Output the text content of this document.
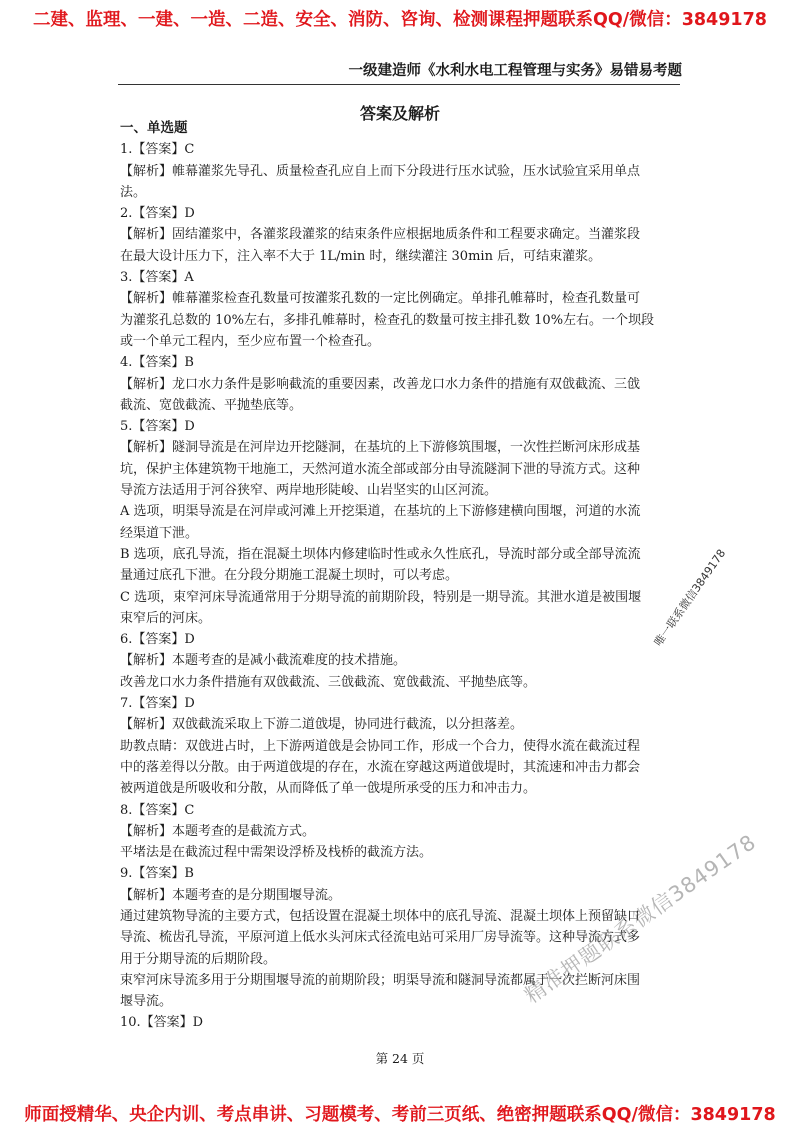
二建、监理、一建、一造、二造、安全、消防、咨询、检测课程押题联系QQ/微信：3849178
一级建造师《水利水电工程管理与实务》易错易考题
答案及解析
一、单选题
1.【答案】C
【解析】帷幕灌浆先导孔、质量检查孔应自上而下分段进行压水试验，压水试验宜采用单点
法。
2.【答案】D
【解析】固结灌浆中，各灌浆段灌浆的结束条件应根据地质条件和工程要求确定。当灌浆段
在最大设计压力下，注入率不大于 1L/min 时，继续灌注 30min 后，可结束灌浆。
3.【答案】A
【解析】帷幕灌浆检查孔数量可按灌浆孔数的一定比例确定。单排孔帷幕时，检查孔数量可
为灌浆孔总数的 10%左右，多排孔帷幕时，检查孔的数量可按主排孔数 10%左右。一个坝段
或一个单元工程内，至少应布置一个检查孔。
4.【答案】B
【解析】龙口水力条件是影响截流的重要因素，改善龙口水力条件的措施有双戗截流、三戗
截流、宽戗截流、平抛垫底等。
5.【答案】D
【解析】隧洞导流是在河岸边开挖隧洞，在基坑的上下游修筑围堰，一次性拦断河床形成基
坑，保护主体建筑物干地施工，天然河道水流全部或部分由导流隧洞下泄的导流方式。这种
导流方法适用于河谷狭窄、两岸地形陡峻、山岩坚实的山区河流。
A 选项，明渠导流是在河岸或河滩上开挖渠道，在基坑的上下游修建横向围堰，河道的水流
经渠道下泄。
B 选项，底孔导流，指在混凝土坝体内修建临时性或永久性底孔，导流时部分或全部导流流
量通过底孔下泄。在分段分期施工混凝土坝时，可以考虑。
C 选项，束窄河床导流通常用于分期导流的前期阶段，特别是一期导流。其泄水道是被围堰
束窄后的河床。
6.【答案】D
【解析】本题考查的是减小截流难度的技术措施。
改善龙口水力条件措施有双戗截流、三戗截流、宽戗截流、平抛垫底等。
7.【答案】D
【解析】双戗截流采取上下游二道戗堤，协同进行截流，以分担落差。
助教点睛：双戗进占时，上下游两道戗是会协同工作，形成一个合力，使得水流在截流过程
中的落差得以分散。由于两道戗堤的存在，水流在穿越这两道戗堤时，其流速和冲击力都会
被两道戗是所吸收和分散，从而降低了单一戗堤所承受的压力和冲击力。
8.【答案】C
【解析】本题考查的是截流方式。
平堵法是在截流过程中需架设浮桥及栈桥的截流方法。
9.【答案】B
【解析】本题考查的是分期围堰导流。
通过建筑物导流的主要方式，包括设置在混凝土坝体中的底孔导流、混凝土坝体上预留缺口
导流、梳齿孔导流，平原河道上低水头河床式径流电站可采用厂房导流等。这种导流方式多
用于分期导流的后期阶段。
束窄河床导流多用于分期围堰导流的前期阶段；明渠导流和隧洞导流都属于一次拦断河床围
堰导流。
10.【答案】D
第 24 页
唯一联系微信3849178
精准押题联系微信3849178
师面授精华、央企内训、考点串讲、习题模考、考前三页纸、绝密押题联系QQ/微信：3849178
